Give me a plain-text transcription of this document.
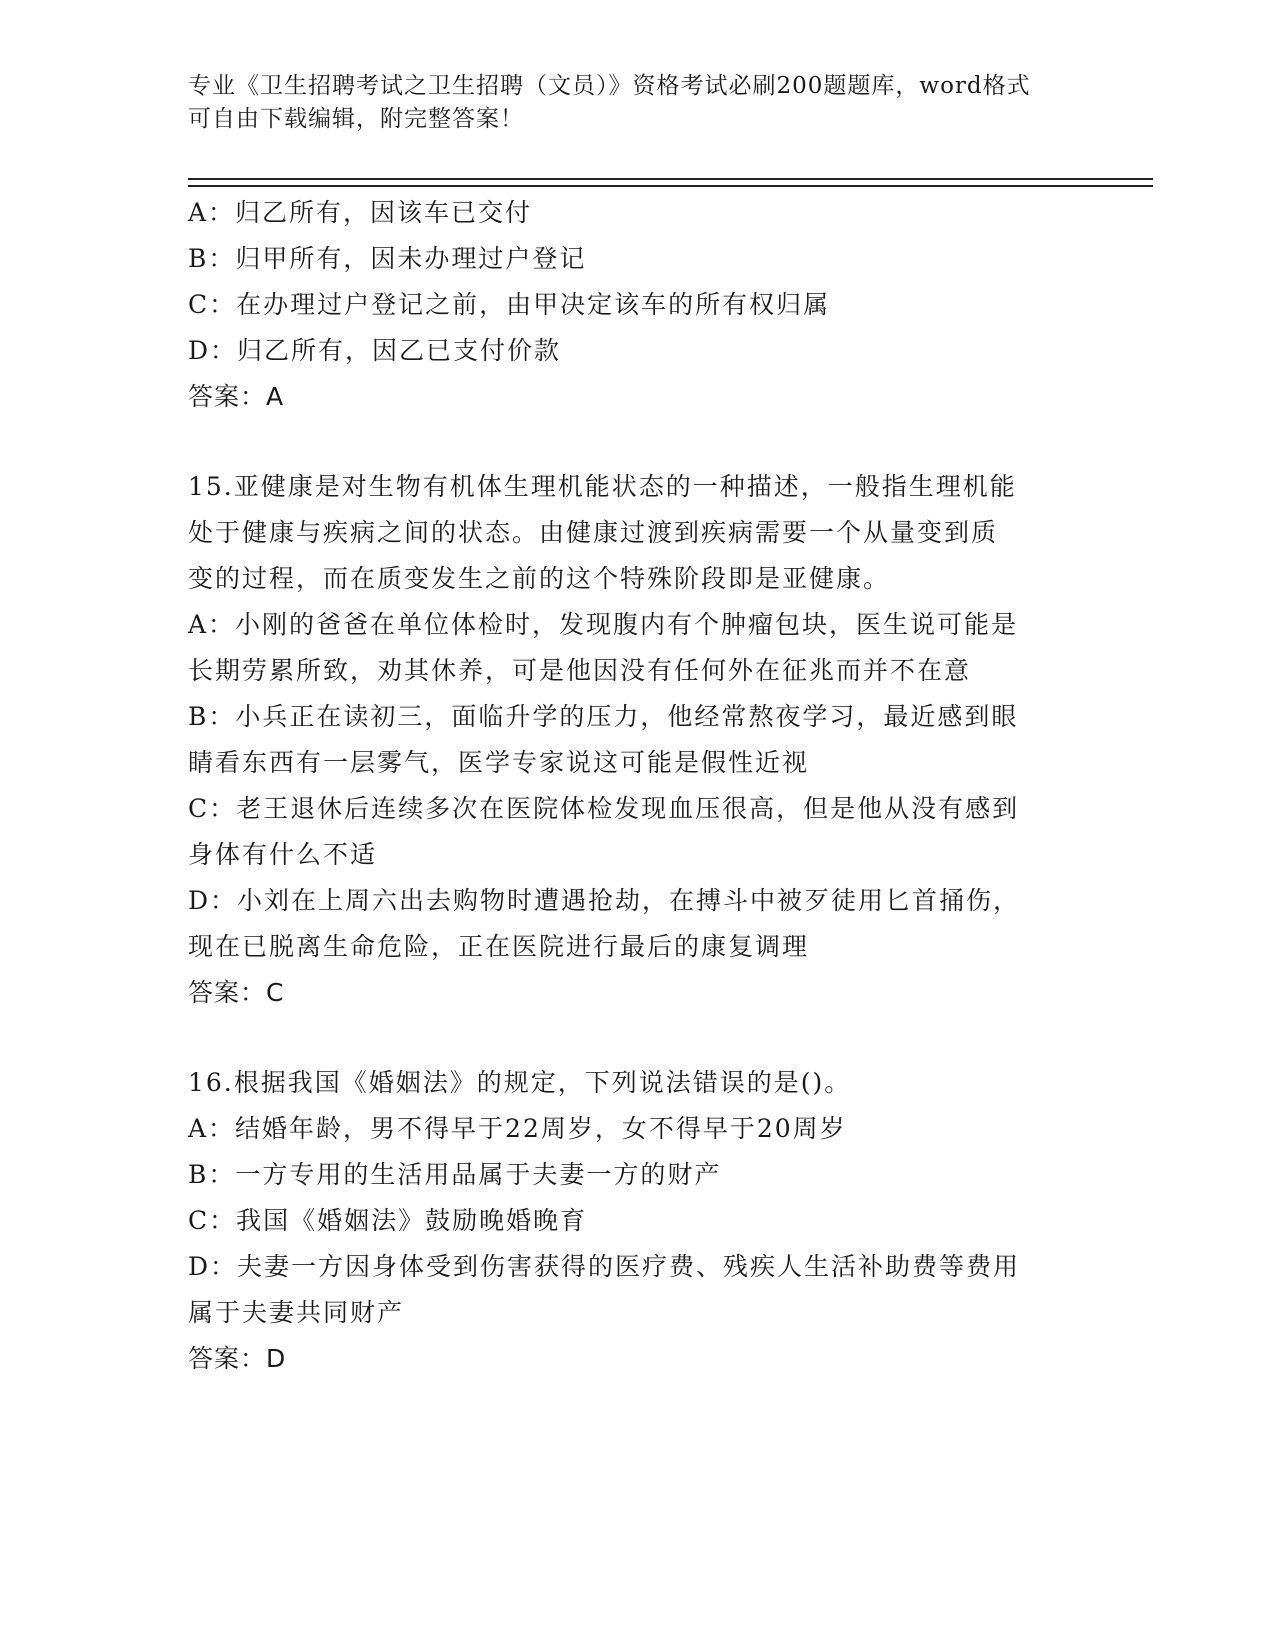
专业《卫生招聘考试之卫生招聘（文员）》资格考试必刷200题题库，word格式
可自由下载编辑，附完整答案！
A：归乙所有，因该车已交付
B：归甲所有，因未办理过户登记
C：在办理过户登记之前，由甲决定该车的所有权归属
D：归乙所有，因乙已支付价款
答案：A
15.亚健康是对生物有机体生理机能状态的一种描述，一般指生理机能
处于健康与疾病之间的状态。由健康过渡到疾病需要一个从量变到质
变的过程，而在质变发生之前的这个特殊阶段即是亚健康。
A：小刚的爸爸在单位体检时，发现腹内有个肿瘤包块，医生说可能是
长期劳累所致，劝其休养，可是他因没有任何外在征兆而并不在意
B：小兵正在读初三，面临升学的压力，他经常熬夜学习，最近感到眼
睛看东西有一层雾气，医学专家说这可能是假性近视
C：老王退休后连续多次在医院体检发现血压很高，但是他从没有感到
身体有什么不适
D：小刘在上周六出去购物时遭遇抢劫，在搏斗中被歹徒用匕首捅伤，
现在已脱离生命危险，正在医院进行最后的康复调理
答案：C
16.根据我国《婚姻法》的规定，下列说法错误的是()。
A：结婚年龄，男不得早于22周岁，女不得早于20周岁
B：一方专用的生活用品属于夫妻一方的财产
C：我国《婚姻法》鼓励晚婚晚育
D：夫妻一方因身体受到伤害获得的医疗费、残疾人生活补助费等费用
属于夫妻共同财产
答案：D
